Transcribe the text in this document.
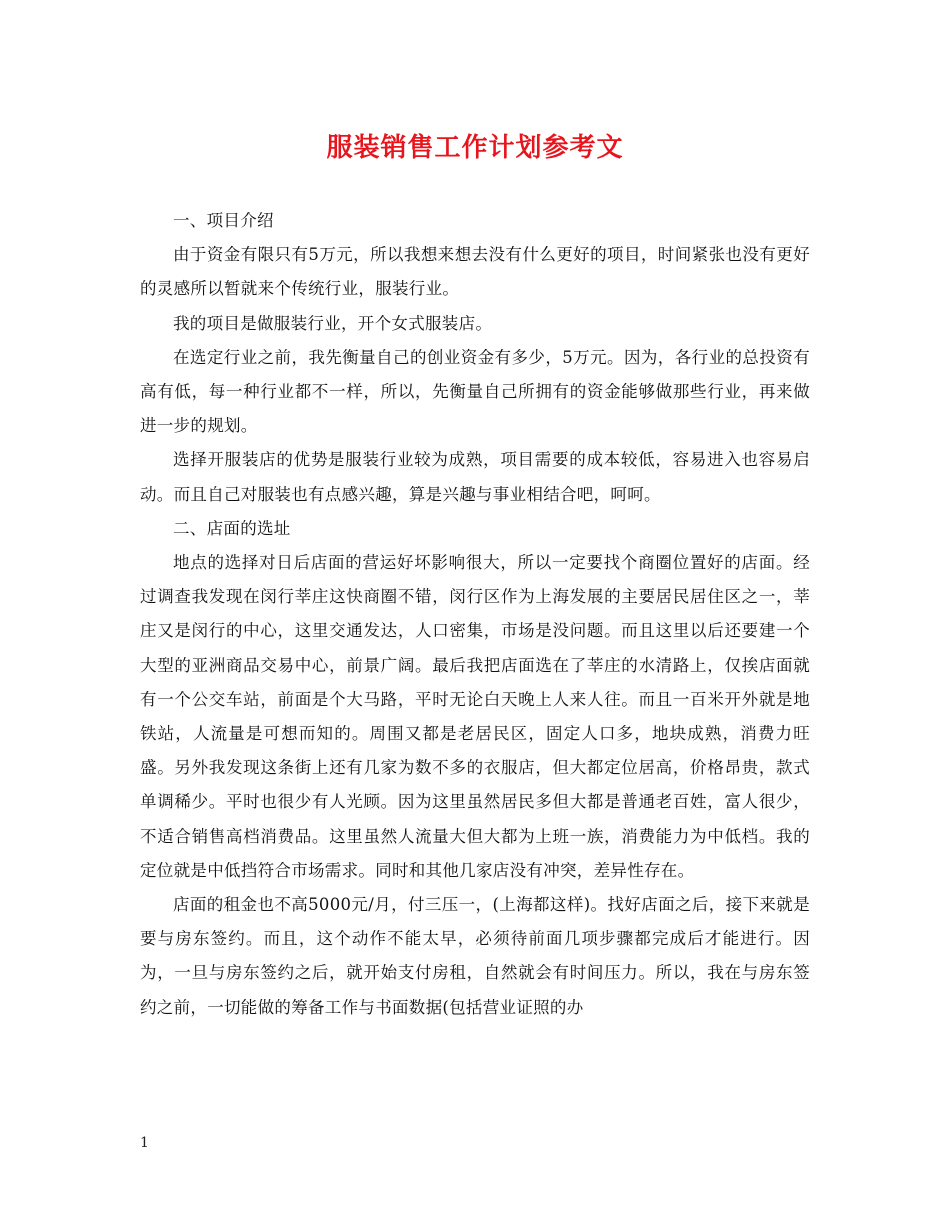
服装销售工作计划参考文

一、项目介绍

由于资金有限只有5万元，所以我想来想去没有什么更好的项目，时间紧张也没有更好的灵感所以暂就来个传统行业，服装行业。

我的项目是做服装行业，开个女式服装店。

在选定行业之前，我先衡量自己的创业资金有多少，5万元。因为，各行业的总投资有高有低，每一种行业都不一样，所以，先衡量自己所拥有的资金能够做那些行业，再来做进一步的规划。

选择开服装店的优势是服装行业较为成熟，项目需要的成本较低，容易进入也容易启动。而且自己对服装也有点感兴趣，算是兴趣与事业相结合吧，呵呵。

二、店面的选址

地点的选择对日后店面的营运好坏影响很大，所以一定要找个商圈位置好的店面。经过调查我发现在闵行莘庄这快商圈不错，闵行区作为上海发展的主要居民居住区之一，莘庄又是闵行的中心，这里交通发达，人口密集，市场是没问题。而且这里以后还要建一个大型的亚洲商品交易中心，前景广阔。最后我把店面选在了莘庄的水清路上，仅挨店面就有一个公交车站，前面是个大马路，平时无论白天晚上人来人往。而且一百米开外就是地铁站，人流量是可想而知的。周围又都是老居民区，固定人口多，地块成熟，消费力旺盛。另外我发现这条街上还有几家为数不多的衣服店，但大都定位居高，价格昂贵，款式单调稀少。平时也很少有人光顾。因为这里虽然居民多但大都是普通老百姓，富人很少，不适合销售高档消费品。这里虽然人流量大但大都为上班一族，消费能力为中低档。我的定位就是中低挡符合市场需求。同时和其他几家店没有冲突，差异性存在。

店面的租金也不高5000元/月，付三压一，(上海都这样)。找好店面之后，接下来就是要与房东签约。而且，这个动作不能太早，必须待前面几项步骤都完成后才能进行。因为，一旦与房东签约之后，就开始支付房租，自然就会有时间压力。所以，我在与房东签约之前，一切能做的筹备工作与书面数据(包括营业证照的办

1
